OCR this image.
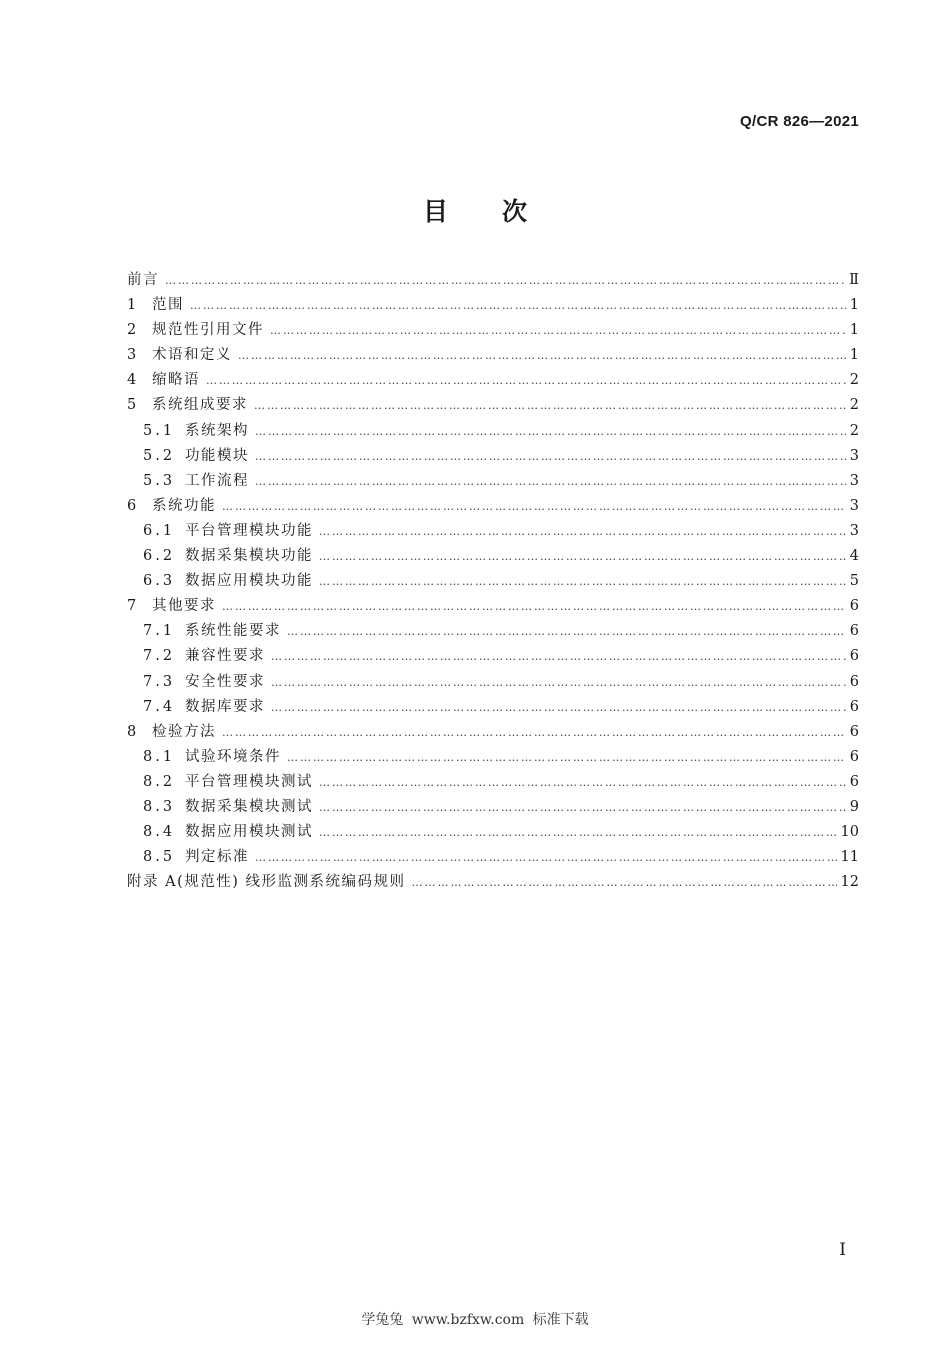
Q/CR 826—2021
目次
前言 ……………………………………………………………………………………………………………………………………………………………………………………	Ⅱ
1 范围 ……………………………………………………………………………………………………………………………………………………………………………………	1
2 规范性引用文件 ……………………………………………………………………………………………………………………………………………………………………………………	1
3 术语和定义 ……………………………………………………………………………………………………………………………………………………………………………………	1
4 缩略语 ……………………………………………………………………………………………………………………………………………………………………………………	2
5 系统组成要求 ……………………………………………………………………………………………………………………………………………………………………………………	2
5.1 系统架构 ……………………………………………………………………………………………………………………………………………………………………………………	2
5.2 功能模块 ……………………………………………………………………………………………………………………………………………………………………………………	3
5.3 工作流程 ……………………………………………………………………………………………………………………………………………………………………………………	3
6 系统功能 ……………………………………………………………………………………………………………………………………………………………………………………	3
6.1 平台管理模块功能 ……………………………………………………………………………………………………………………………………………………………………………………	3
6.2 数据采集模块功能 ……………………………………………………………………………………………………………………………………………………………………………………	4
6.3 数据应用模块功能 ……………………………………………………………………………………………………………………………………………………………………………………	5
7 其他要求 ……………………………………………………………………………………………………………………………………………………………………………………	6
7.1 系统性能要求 ……………………………………………………………………………………………………………………………………………………………………………………	6
7.2 兼容性要求 ……………………………………………………………………………………………………………………………………………………………………………………	6
7.3 安全性要求 ……………………………………………………………………………………………………………………………………………………………………………………	6
7.4 数据库要求 ……………………………………………………………………………………………………………………………………………………………………………………	6
8 检验方法 ……………………………………………………………………………………………………………………………………………………………………………………	6
8.1 试验环境条件 ……………………………………………………………………………………………………………………………………………………………………………………	6
8.2 平台管理模块测试 ……………………………………………………………………………………………………………………………………………………………………………………	6
8.3 数据采集模块测试 ……………………………………………………………………………………………………………………………………………………………………………………	9
8.4 数据应用模块测试 ……………………………………………………………………………………………………………………………………………………………………………………	10
8.5 判定标准 ……………………………………………………………………………………………………………………………………………………………………………………	11
附录 A(规范性) 线形监测系统编码规则 ……………………………………………………………………………………………………………………………………………………………………………………	12
I
学兔兔 www.bzfxw.com 标准下载
